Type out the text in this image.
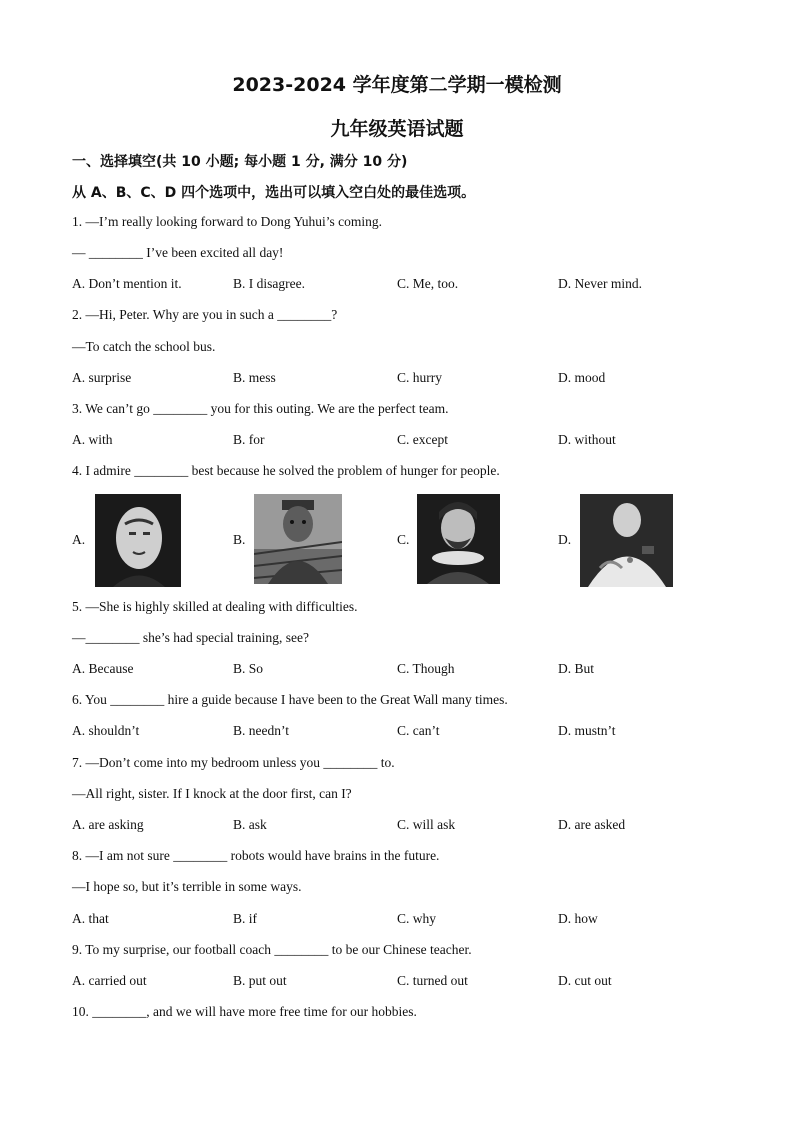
2023-2024 学年度第二学期一模检测
九年级英语试题
一、选择填空(共 10 小题; 每小题 1 分, 满分 10 分)
从 A、B、C、D 四个选项中，选出可以填入空白处的最佳选项。
1. —I’m really looking forward to Dong Yuhui’s coming.
— ________ I’ve been excited all day!
A. Don’t mention it.	B. I disagree.	C. Me, too.	D. Never mind.
2. —Hi, Peter. Why are you in such a ________?
—To catch the school bus.
A. surprise	B. mess	C. hurry	D. mood
3. We can’t go ________ you for this outing. We are the perfect team.
A. with	B. for	C. except	D. without
4. I admire ________ best because he solved the problem of hunger for people.
A.	B.	C.	D.
5. —She is highly skilled at dealing with difficulties.
—________ she’s had special training, see?
A. Because	B. So	C. Though	D. But
6. You ________ hire a guide because I have been to the Great Wall many times.
A. shouldn’t	B. needn’t	C. can’t	D. mustn’t
7. —Don’t come into my bedroom unless you ________ to.
—All right, sister. If I knock at the door first, can I?
A. are asking	B. ask	C. will ask	D. are asked
8. —I am not sure ________ robots would have brains in the future.
—I hope so, but it’s terrible in some ways.
A. that	B. if	C. why	D. how
9. To my surprise, our football coach ________ to be our Chinese teacher.
A. carried out	B. put out	C. turned out	D. cut out
10. ________, and we will have more free time for our hobbies.
